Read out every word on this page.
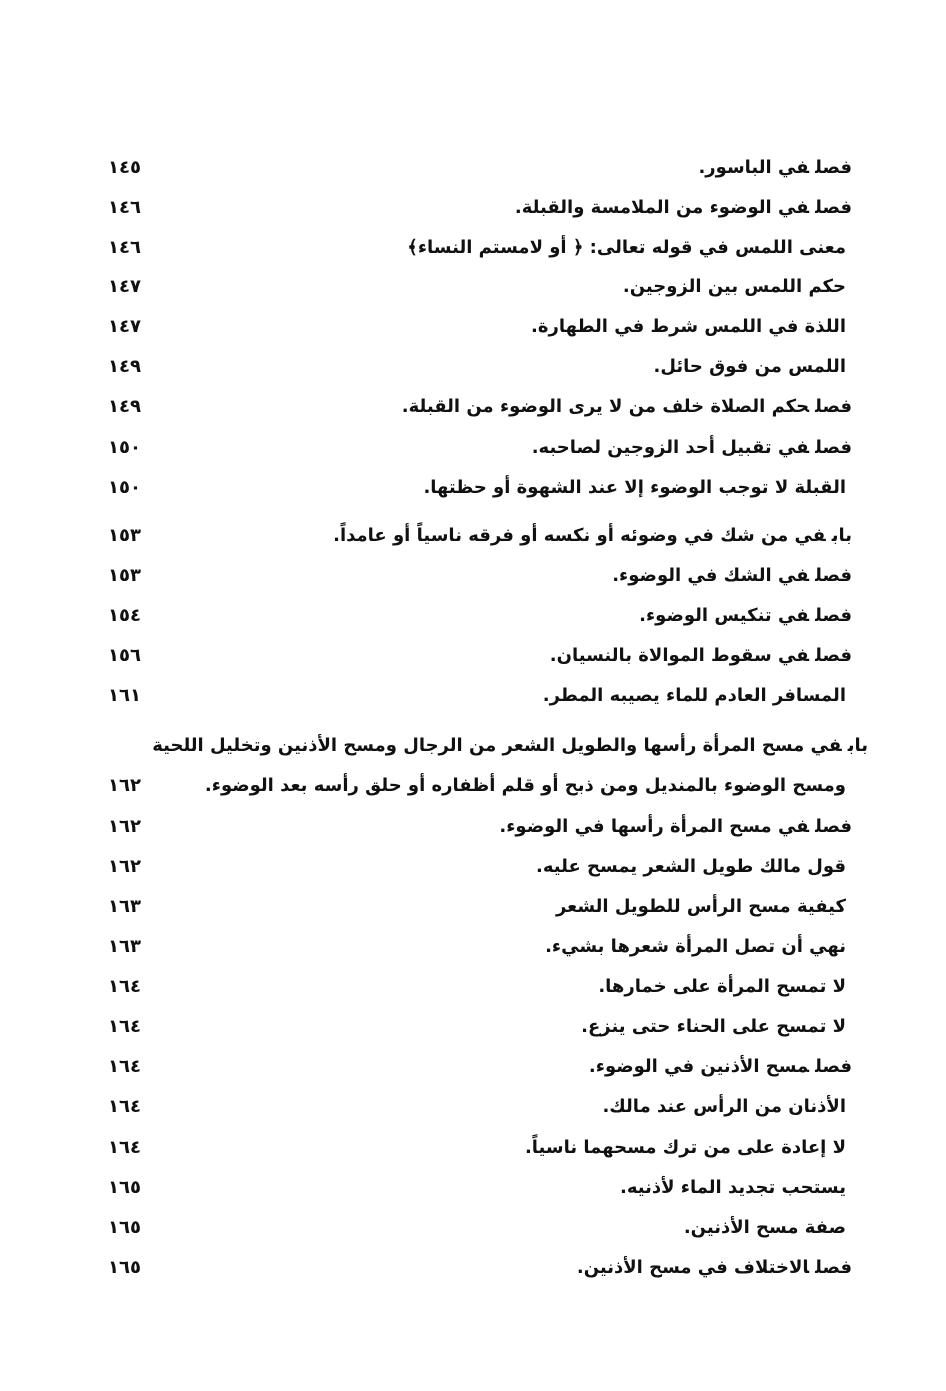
فصلفي الباسور.
١٤٥
فصلفي الوضوء من الملامسة والقبلة.
١٤٦
معنى اللمس في قوله تعالى: ﴿ أو لامستم النساء﴾
١٤٦
حكم اللمس بين الزوجين.
١٤٧
اللذة في اللمس شرط في الطهارة.
١٤٧
اللمس من فوق حائل.
١٤٩
فصلحكم الصلاة خلف من لا يرى الوضوء من القبلة.
١٤٩
فصلفي تقبيل أحد الزوجين لصاحبه.
١٥٠
القبلة لا توجب الوضوء إلا عند الشهوة أو حظتها.
١٥٠
بابفي من شك في وضوئه أو نكسه أو فرقه ناسياً أو عامداً.
١٥٣
فصلفي الشك في الوضوء.
١٥٣
فصلفي تنكيس الوضوء.
١٥٤
فصلفي سقوط الموالاة بالنسيان.
١٥٦
المسافر العادم للماء يصيبه المطر.
١٦١
بابفي مسح المرأة رأسها والطويل الشعر من الرجال ومسح الأذنين وتخليل اللحية
ومسح الوضوء بالمنديل ومن ذبح أو قلم أظفاره أو حلق رأسه بعد الوضوء.
١٦٢
فصلفي مسح المرأة رأسها في الوضوء.
١٦٢
قول مالك طويل الشعر يمسح عليه.
١٦٢
كيفية مسح الرأس للطويل الشعر
١٦٣
نهي أن تصل المرأة شعرها بشيء.
١٦٣
لا تمسح المرأة على خمارها.
١٦٤
لا تمسح على الحناء حتى ينزع.
١٦٤
فصلمسح الأذنين في الوضوء.
١٦٤
الأذنان من الرأس عند مالك.
١٦٤
لا إعادة على من ترك مسحهما ناسياً.
١٦٤
يستحب تجديد الماء لأذنيه.
١٦٥
صفة مسح الأذنين.
١٦٥
فصلالاختلاف في مسح الأذنين.
١٦٥
